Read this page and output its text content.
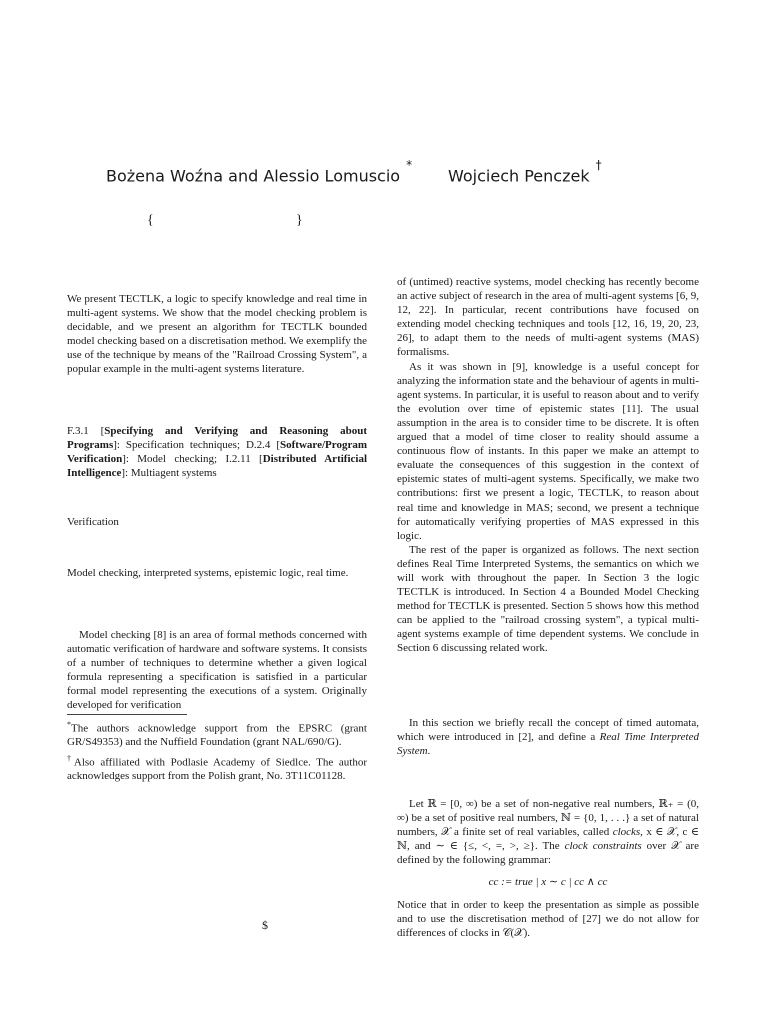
Bożena Woźna and Alessio Lomuscio*
Wojciech Penczek†
{	}

We present TECTLK, a logic to specify knowledge and real time in multi-agent systems. We show that the model checking problem is decidable, and we present an algorithm for TECTLK bounded model checking based on a discretisation method. We exemplify the use of the technique by means of the "Railroad Crossing System", a popular example in the multi-agent systems literature.

F.3.1 [Specifying and Verifying and Reasoning about Programs]: Specification techniques; D.2.4 [Software/Program Verification]: Model checking; I.2.11 [Distributed Artificial Intelligence]: Multiagent systems

Verification

Model checking, interpreted systems, epistemic logic, real time.

Model checking [8] is an area of formal methods concerned with automatic verification of hardware and software systems. It consists of a number of techniques to determine whether a given logical formula representing a specification is satisfied in a particular formal model representing the executions of a system. Originally developed for verification

*The authors acknowledge support from the EPSRC (grant GR/S49353) and the Nuffield Foundation (grant NAL/690/G).

†Also affiliated with Podlasie Academy of Siedlce. The author acknowledges support from the Polish grant, No. 3T11C01128.

$

of (untimed) reactive systems, model checking has recently become an active subject of research in the area of multi-agent systems [6, 9, 12, 22]. In particular, recent contributions have focused on extending model checking techniques and tools [12, 16, 19, 20, 23, 26], to adapt them to the needs of multi-agent systems (MAS) formalisms.

As it was shown in [9], knowledge is a useful concept for analyzing the information state and the behaviour of agents in multi-agent systems. In particular, it is useful to reason about and to verify the evolution over time of epistemic states [11]. The usual assumption in the area is to consider time to be discrete. It is often argued that a model of time closer to reality should assume a continuous flow of instants. In this paper we make an attempt to evaluate the consequences of this suggestion in the context of epistemic states of multi-agent systems. Specifically, we make two contributions: first we present a logic, TECTLK, to reason about real time and knowledge in MAS; second, we present a technique for automatically verifying properties of MAS expressed in this logic.

The rest of the paper is organized as follows. The next section defines Real Time Interpreted Systems, the semantics on which we will work with throughout the paper. In Section 3 the logic TECTLK is introduced. In Section 4 a Bounded Model Checking method for TECTLK is presented. Section 5 shows how this method can be applied to the "railroad crossing system", a typical multi-agent systems example of time dependent systems. We conclude in Section 6 discussing related work.

In this section we briefly recall the concept of timed automata, which were introduced in [2], and define a Real Time Interpreted System.

Let ℝ = [0, ∞) be a set of non-negative real numbers, ℝ₊ = (0, ∞) be a set of positive real numbers, ℕ = {0, 1, . . .} a set of natural numbers, 𝒳 a finite set of real variables, called clocks, x ∈ 𝒳, c ∈ ℕ, and ∼ ∈ {≤, <, =, >, ≥}. The clock constraints over 𝒳 are defined by the following grammar:

cc := true | x ∼ c | cc ∧ cc

Notice that in order to keep the presentation as simple as possible and to use the discretisation method of [27] we do not allow for differences of clocks in 𝒞(𝒳).
